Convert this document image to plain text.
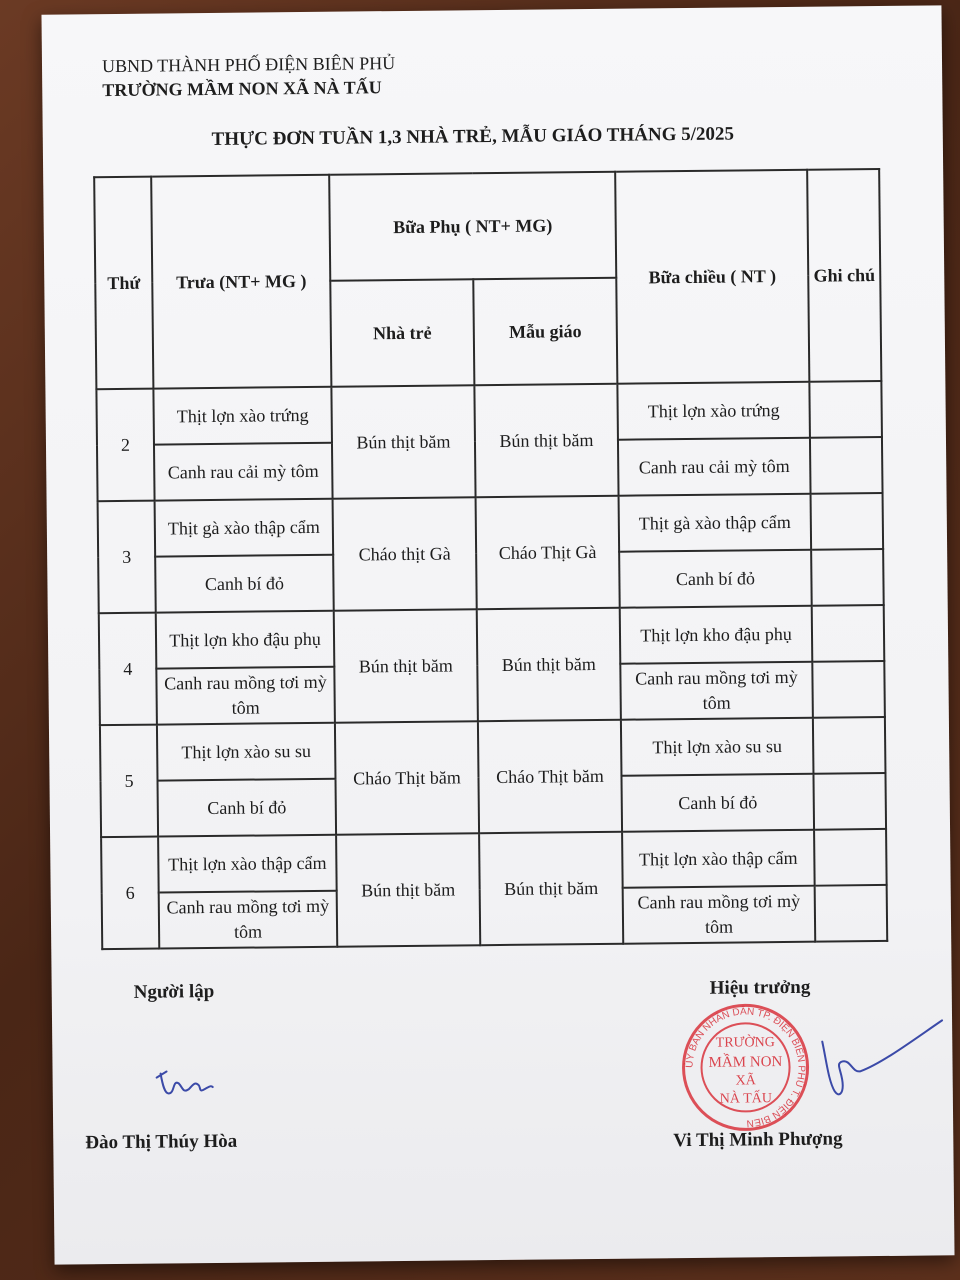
UBND THÀNH PHỐ ĐIỆN BIÊN PHỦ
TRƯỜNG MẦM NON XÃ NÀ TẤU
THỰC ĐƠN TUẦN 1,3 NHÀ TRẺ, MẪU GIÁO THÁNG 5/2025
Thứ	Trưa (NT+ MG )	Bữa Phụ ( NT+ MG)		Bữa chiều ( NT )	Ghi chú
		Nhà trẻ	Mẫu giáo		
2	Thịt lợn xào trứng	Bún thịt băm	Bún thịt băm	Thịt lợn xào trứng	
	Canh rau cải mỳ tôm			Canh rau cải mỳ tôm	
3	Thịt gà xào thập cẩm	Cháo thịt Gà	Cháo Thịt Gà	Thịt gà xào thập cẩm	
	Canh bí đỏ			Canh bí đỏ	
4	Thịt lợn kho đậu phụ	Bún thịt băm	Bún thịt băm	Thịt lợn kho đậu phụ	
	Canh rau mồng tơi mỳ tôm			Canh rau mồng tơi mỳ tôm	
5	Thịt lợn xào su su	Cháo Thịt băm	Cháo Thịt băm	Thịt lợn xào su su	
	Canh bí đỏ			Canh bí đỏ	
6	Thịt lợn xào thập cẩm	Bún thịt băm	Bún thịt băm	Thịt lợn xào thập cẩm	
	Canh rau mồng tơi mỳ tôm			Canh rau mồng tơi mỳ tôm	
Người lập	Hiệu trưởng
ỦY BAN NHÂN DÂN TP. ĐIỆN BIÊN PHỦ T. ĐIỆN BIÊN
TRƯỜNG
MẦM NON
XÃ
NÀ TẤU
Đào Thị Thúy Hòa	Vi Thị Minh Phượng
